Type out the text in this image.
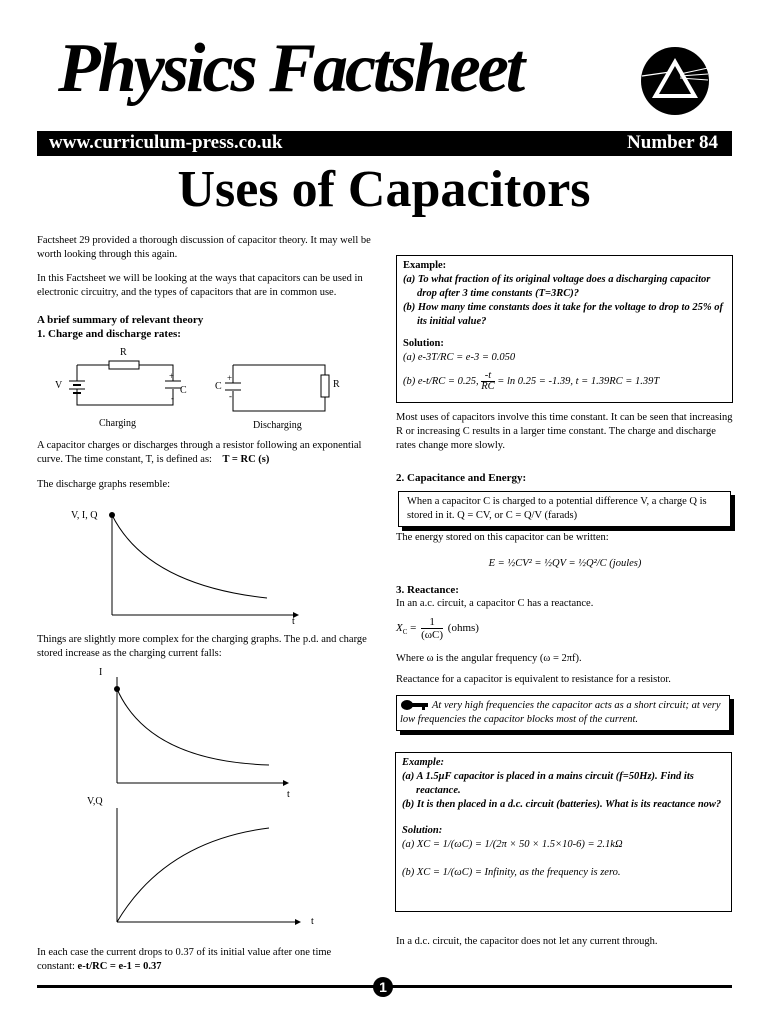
Physics Factsheet
www.curriculum-press.co.uk	Number 84
Uses of Capacitors

Factsheet 29 provided a thorough discussion of capacitor theory. It may well be worth looking through this again.

In this Factsheet we will be looking at the ways that capacitors can be used in electronic circuitry, and the types of capacitors that are in common use.

A brief summary of relevant theory
1. Charge and discharge rates:
R
V	C
+
-
C
+
-
R
Charging	Discharging

A capacitor charges or discharges through a resistor following an exponential curve. The time constant, T, is defined as: T = RC (s)

The discharge graphs resemble:

V, I, Q
t

Things are slightly more complex for the charging graphs. The p.d. and charge stored increase as the charging current falls:

I
t
V,Q
t

In each case the current drops to 0.37 of its initial value after one time

constant: e-t/RC = e-1 = 0.37

Example:
(a) To what fraction of its original voltage does a discharging capacitor drop after 3 time constants (T=3RC)?
(b) How many time constants does it take for the voltage to drop to 25% of its initial value?
Solution:
(a) e-3T/RC = e-3 = 0.050
(b) e-t/RC = 0.25, $\frac{-t}{RC} = \ln 0.25 = -1.39$, t = 1.39RC = 1.39T

Most uses of capacitors involve this time constant. It can be seen that increasing R or increasing C results in a larger time constant. The charge and discharge rates change more slowly.

2. Capacitance and Energy:
When a capacitor C is charged to a potential difference V, a charge Q is stored in it. Q = CV, or C = Q/V (farads)

The energy stored on this capacitor can be written:

E = ½CV² = ½QV = ½Q²/C (joules)

3. Reactance:

In an a.c. circuit, a capacitor C has a reactance.

$X_C = \frac{1}{(\omega C)}$ (ohms)

Where ω is the angular frequency (ω = 2πf).

Reactance for a capacitor is equivalent to resistance for a resistor.

At very high frequencies the capacitor acts as a short circuit; at very low frequencies the capacitor blocks most of the current.
Example:
(a) A 1.5μF capacitor is placed in a mains circuit (f=50Hz). Find its reactance.
(b) It is then placed in a d.c. circuit (batteries). What is its reactance now?
Solution:
(a) XC = 1/(ωC) = 1/(2π × 50 × 1.5×10-6) = 2.1kΩ
(b) XC = 1/(ωC) = Infinity, as the frequency is zero.

In a d.c. circuit, the capacitor does not let any current through.

1
